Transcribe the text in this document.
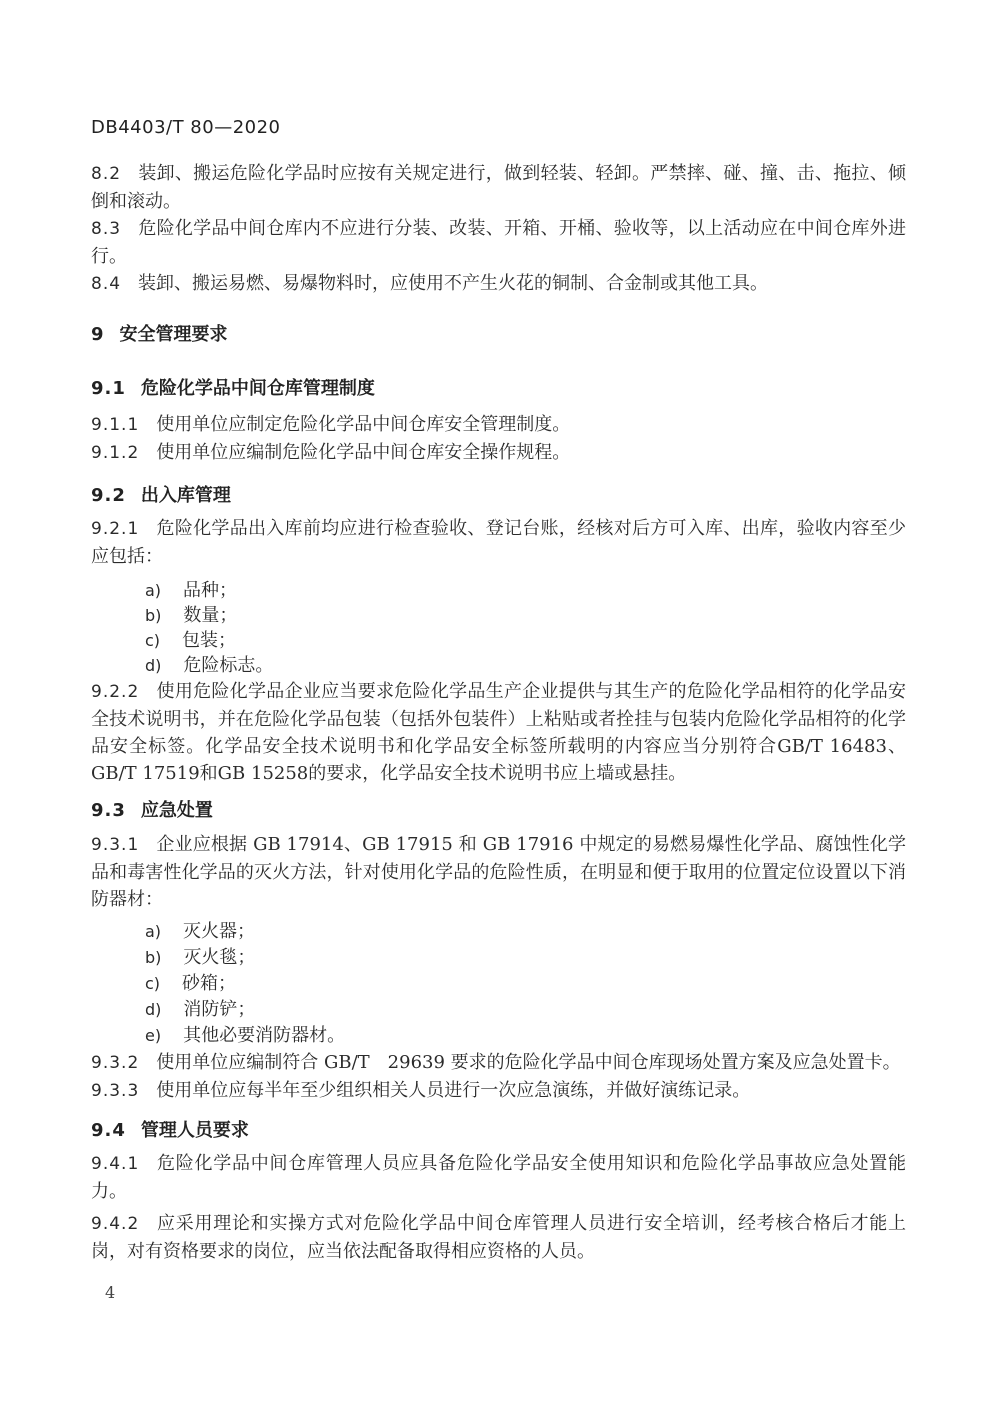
DB4403/T 80—2020

8.2 装卸、搬运危险化学品时应按有关规定进行，做到轻装、轻卸。严禁摔、碰、撞、击、拖拉、倾倒和滚动。

8.3 危险化学品中间仓库内不应进行分装、改装、开箱、开桶、验收等，以上活动应在中间仓库外进行。

8.4 装卸、搬运易燃、易爆物料时，应使用不产生火花的铜制、合金制或其他工具。

9 安全管理要求
9.1 危险化学品中间仓库管理制度

9.1.1 使用单位应制定危险化学品中间仓库安全管理制度。

9.1.2 使用单位应编制危险化学品中间仓库安全操作规程。

9.2 出入库管理

9.2.1 危险化学品出入库前均应进行检查验收、登记台账，经核对后方可入库、出库，验收内容至少应包括：

a) 品种；
b) 数量；
c) 包装；
d) 危险标志。

9.2.2 使用危险化学品企业应当要求危险化学品生产企业提供与其生产的危险化学品相符的化学品安全技术说明书，并在危险化学品包装（包括外包装件）上粘贴或者拴挂与包装内危险化学品相符的化学品安全标签。化学品安全技术说明书和化学品安全标签所载明的内容应当分别符合GB/T 16483、GB/T 17519和GB 15258的要求，化学品安全技术说明书应上墙或悬挂。

9.3 应急处置

9.3.1 企业应根据 GB 17914、GB 17915 和 GB 17916 中规定的易燃易爆性化学品、腐蚀性化学品和毒害性化学品的灭火方法，针对使用化学品的危险性质，在明显和便于取用的位置定位设置以下消防器材：

a) 灭火器；
b) 灭火毯；
c) 砂箱；
d) 消防铲；
e) 其他必要消防器材。

9.3.2 使用单位应编制符合 GB/T　29639 要求的危险化学品中间仓库现场处置方案及应急处置卡。

9.3.3 使用单位应每半年至少组织相关人员进行一次应急演练，并做好演练记录。

9.4 管理人员要求

9.4.1 危险化学品中间仓库管理人员应具备危险化学品安全使用知识和危险化学品事故应急处置能力。

9.4.2 应采用理论和实操方式对危险化学品中间仓库管理人员进行安全培训，经考核合格后才能上岗，对有资格要求的岗位，应当依法配备取得相应资格的人员。

4
